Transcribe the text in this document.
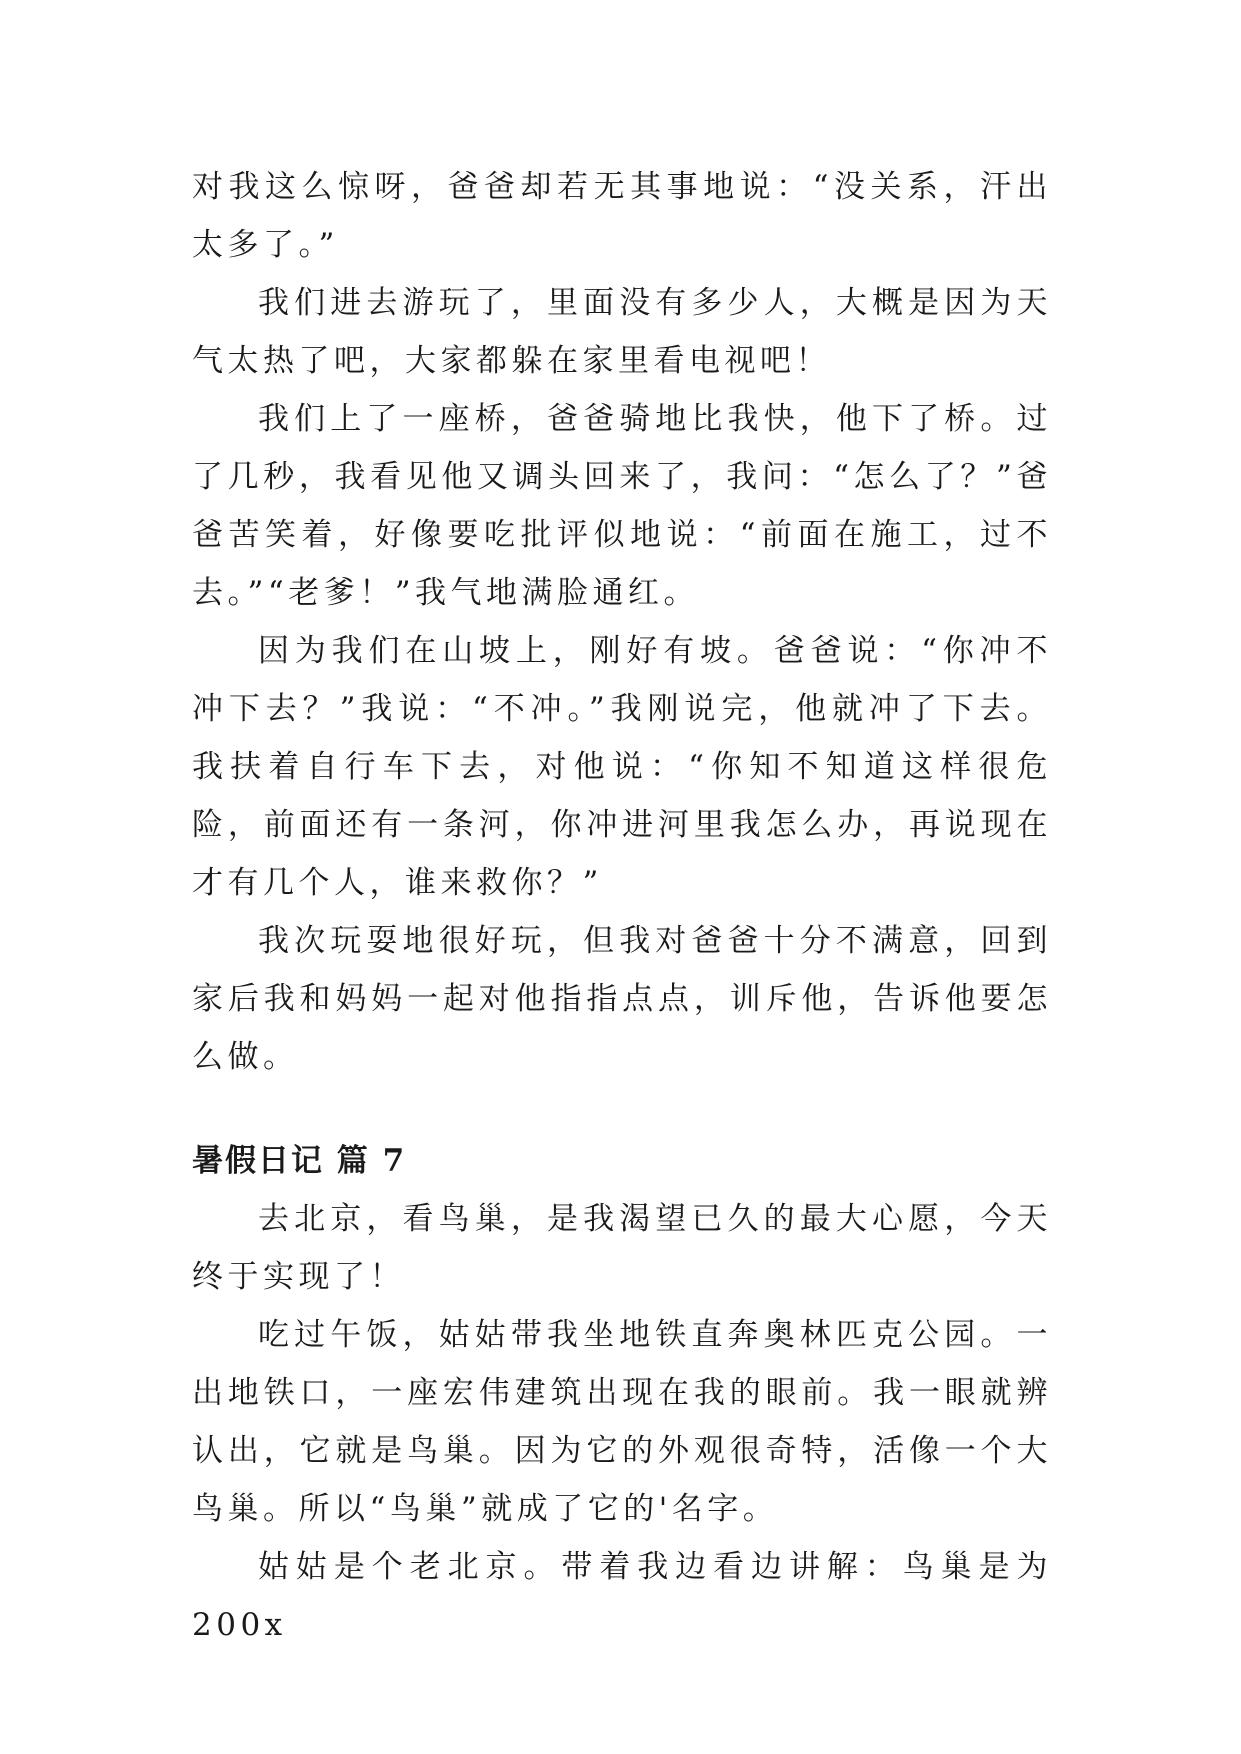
对我这么惊呀，爸爸却若无其事地说：“没关系，汗出太多了。”

我们进去游玩了，里面没有多少人，大概是因为天气太热了吧，大家都躲在家里看电视吧！

我们上了一座桥，爸爸骑地比我快，他下了桥。过了几秒，我看见他又调头回来了，我问：“怎么了？”爸爸苦笑着，好像要吃批评似地说：“前面在施工，过不去。”“老爹！”我气地满脸通红。

因为我们在山坡上，刚好有坡。爸爸说：“你冲不冲下去？”我说：“不冲。”我刚说完，他就冲了下去。我扶着自行车下去，对他说：“你知不知道这样很危险，前面还有一条河，你冲进河里我怎么办，再说现在才有几个人，谁来救你？”

我次玩耍地很好玩，但我对爸爸十分不满意，回到家后我和妈妈一起对他指指点点，训斥他，告诉他要怎么做。

暑假日记 篇 7

去北京，看鸟巢，是我渴望已久的最大心愿，今天终于实现了！

吃过午饭，姑姑带我坐地铁直奔奥林匹克公园。一出地铁口，一座宏伟建筑出现在我的眼前。我一眼就辨认出，它就是鸟巢。因为它的外观很奇特，活像一个大鸟巢。所以“鸟巢”就成了它的'名字。

姑姑是个老北京。带着我边看边讲解：鸟巢是为 200x
